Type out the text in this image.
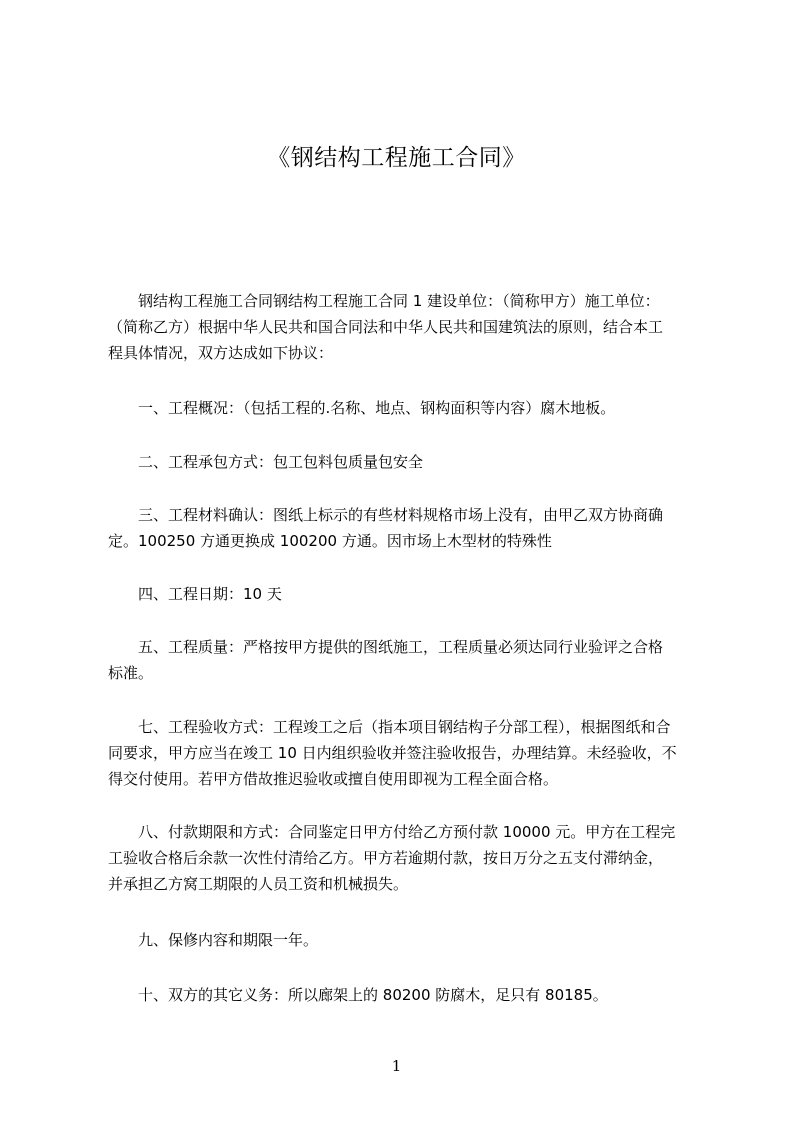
《钢结构工程施工合同》

　　钢结构工程施工合同钢结构工程施工合同 1 建设单位：（简称甲方）施工单位：
（简称乙方）根据中华人民共和国合同法和中华人民共和国建筑法的原则，结合本工
程具体情况，双方达成如下协议：

　　一、工程概况：（包括工程的.名称、地点、钢构面积等内容）腐木地板。

　　二、工程承包方式：包工包料包质量包安全

　　三、工程材料确认：图纸上标示的有些材料规格市场上没有，由甲乙双方协商确
定。100250 方通更换成 100200 方通。因市场上木型材的特殊性

　　四、工程日期：10 天

　　五、工程质量：严格按甲方提供的图纸施工，工程质量必须达同行业验评之合格
标准。

　　七、工程验收方式：工程竣工之后（指本项目钢结构子分部工程），根据图纸和合
同要求，甲方应当在竣工 10 日内组织验收并签注验收报告，办理结算。未经验收，不
得交付使用。若甲方借故推迟验收或擅自使用即视为工程全面合格。

　　八、付款期限和方式：合同鉴定日甲方付给乙方预付款 10000 元。甲方在工程完
工验收合格后余款一次性付清给乙方。甲方若逾期付款，按日万分之五支付滞纳金，
并承担乙方窝工期限的人员工资和机械损失。

　　九、保修内容和期限一年。

　　十、双方的其它义务：所以廊架上的 80200 防腐木，足只有 80185。

1
